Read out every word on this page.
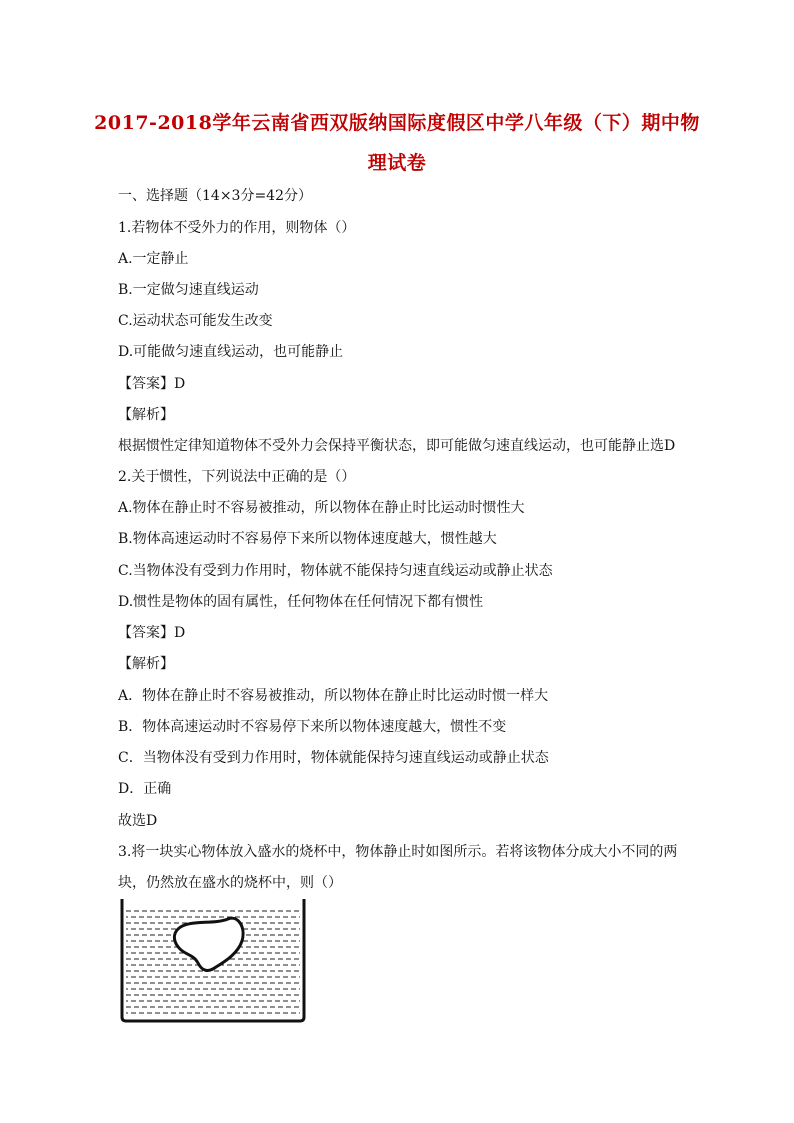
2017-2018学年云南省西双版纳国际度假区中学八年级（下）期中物
理试卷
一、选择题（14×3分=42分）
1.若物体不受外力的作用，则物体（）
A.一定静止
B.一定做匀速直线运动
C.运动状态可能发生改变
D.可能做匀速直线运动，也可能静止
【答案】D
【解析】
根据惯性定律知道物体不受外力会保持平衡状态，即可能做匀速直线运动，也可能静止选D
2.关于惯性，下列说法中正确的是（）
A.物体在静止时不容易被推动，所以物体在静止时比运动时惯性大
B.物体高速运动时不容易停下来所以物体速度越大，惯性越大
C.当物体没有受到力作用时，物体就不能保持匀速直线运动或静止状态
D.惯性是物体的固有属性，任何物体在任何情况下都有惯性
【答案】D
【解析】
A．物体在静止时不容易被推动，所以物体在静止时比运动时惯一样大
B．物体高速运动时不容易停下来所以物体速度越大，惯性不变
C．当物体没有受到力作用时，物体就能保持匀速直线运动或静止状态
D．正确
故选D
3.将一块实心物体放入盛水的烧杯中，物体静止时如图所示。若将该物体分成大小不同的两
块，仍然放在盛水的烧杯中，则（）
